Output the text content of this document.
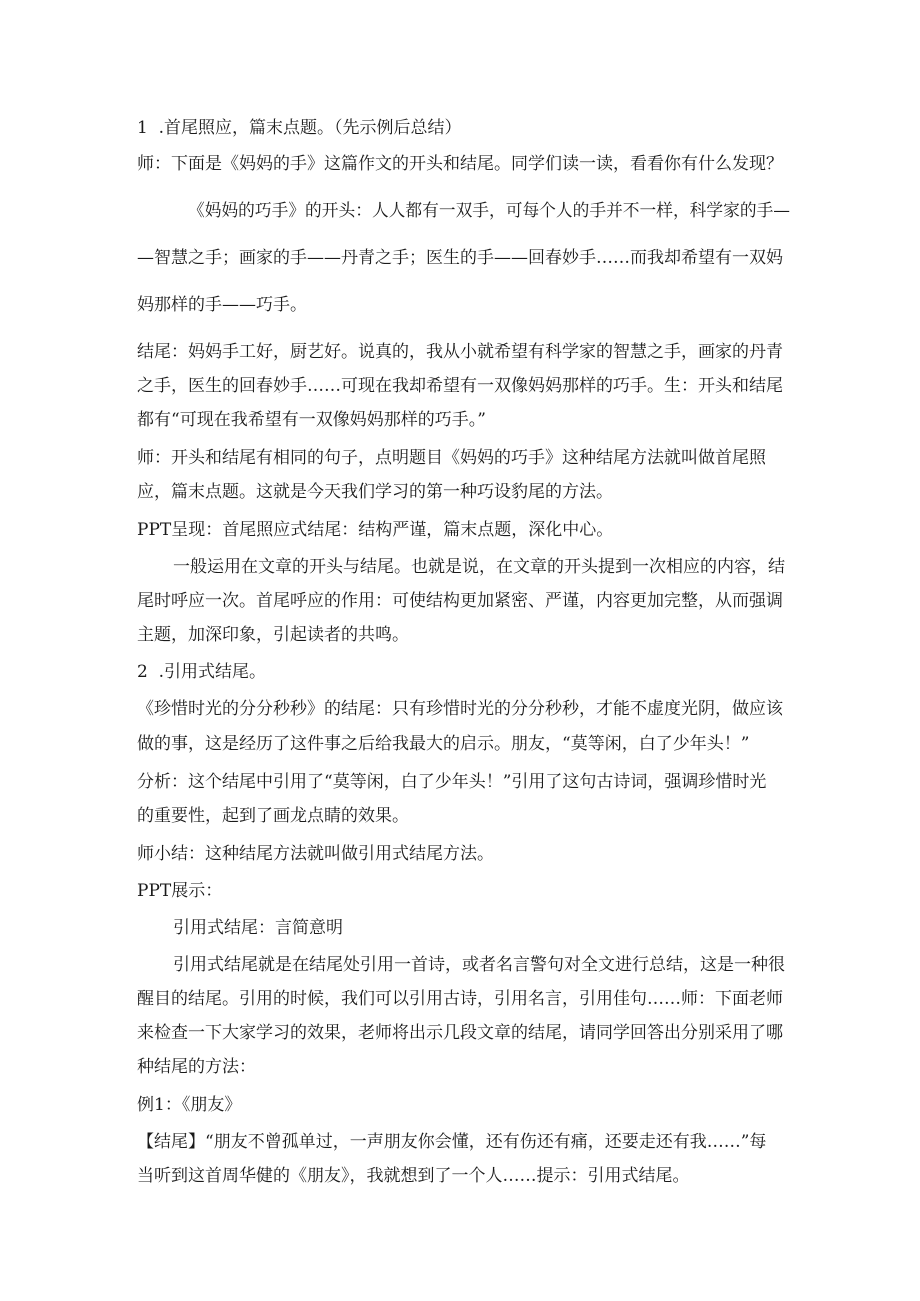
1  .首尾照应，篇末点题。（先示例后总结）
师：下面是《妈妈的手》这篇作文的开头和结尾。同学们读一读，看看你有什么发现？
《妈妈的巧手》的开头：人人都有一双手，可每个人的手并不一样，科学家的手—
—智慧之手；画家的手——丹青之手；医生的手——回春妙手……而我却希望有一双妈
妈那样的手——巧手。
结尾：妈妈手工好，厨艺好。说真的，我从小就希望有科学家的智慧之手，画家的丹青
之手，医生的回春妙手……可现在我却希望有一双像妈妈那样的巧手。生：开头和结尾
都有“可现在我希望有一双像妈妈那样的巧手。”
师：开头和结尾有相同的句子，点明题目《妈妈的巧手》这种结尾方法就叫做首尾照
应，篇末点题。这就是今天我们学习的第一种巧设豹尾的方法。
PPT呈现：首尾照应式结尾：结构严谨，篇末点题，深化中心。
一般运用在文章的开头与结尾。也就是说，在文章的开头提到一次相应的内容，结
尾时呼应一次。首尾呼应的作用：可使结构更加紧密、严谨，内容更加完整，从而强调
主题，加深印象，引起读者的共鸣。
2  .引用式结尾。
《珍惜时光的分分秒秒》的结尾：只有珍惜时光的分分秒秒，才能不虚度光阴，做应该
做的事，这是经历了这件事之后给我最大的启示。朋友，“莫等闲，白了少年头！”
分析：这个结尾中引用了“莫等闲，白了少年头！”引用了这句古诗词，强调珍惜时光
的重要性，起到了画龙点睛的效果。
师小结：这种结尾方法就叫做引用式结尾方法。
PPT展示：
引用式结尾：言简意明
引用式结尾就是在结尾处引用一首诗，或者名言警句对全文进行总结，这是一种很
醒目的结尾。引用的时候，我们可以引用古诗，引用名言，引用佳句……师：下面老师
来检查一下大家学习的效果，老师将出示几段文章的结尾，请同学回答出分别采用了哪
种结尾的方法：
例1：《朋友》
【结尾】“朋友不曾孤单过，一声朋友你会懂，还有伤还有痛，还要走还有我……”每
当听到这首周华健的《朋友》，我就想到了一个人……提示：引用式结尾。
